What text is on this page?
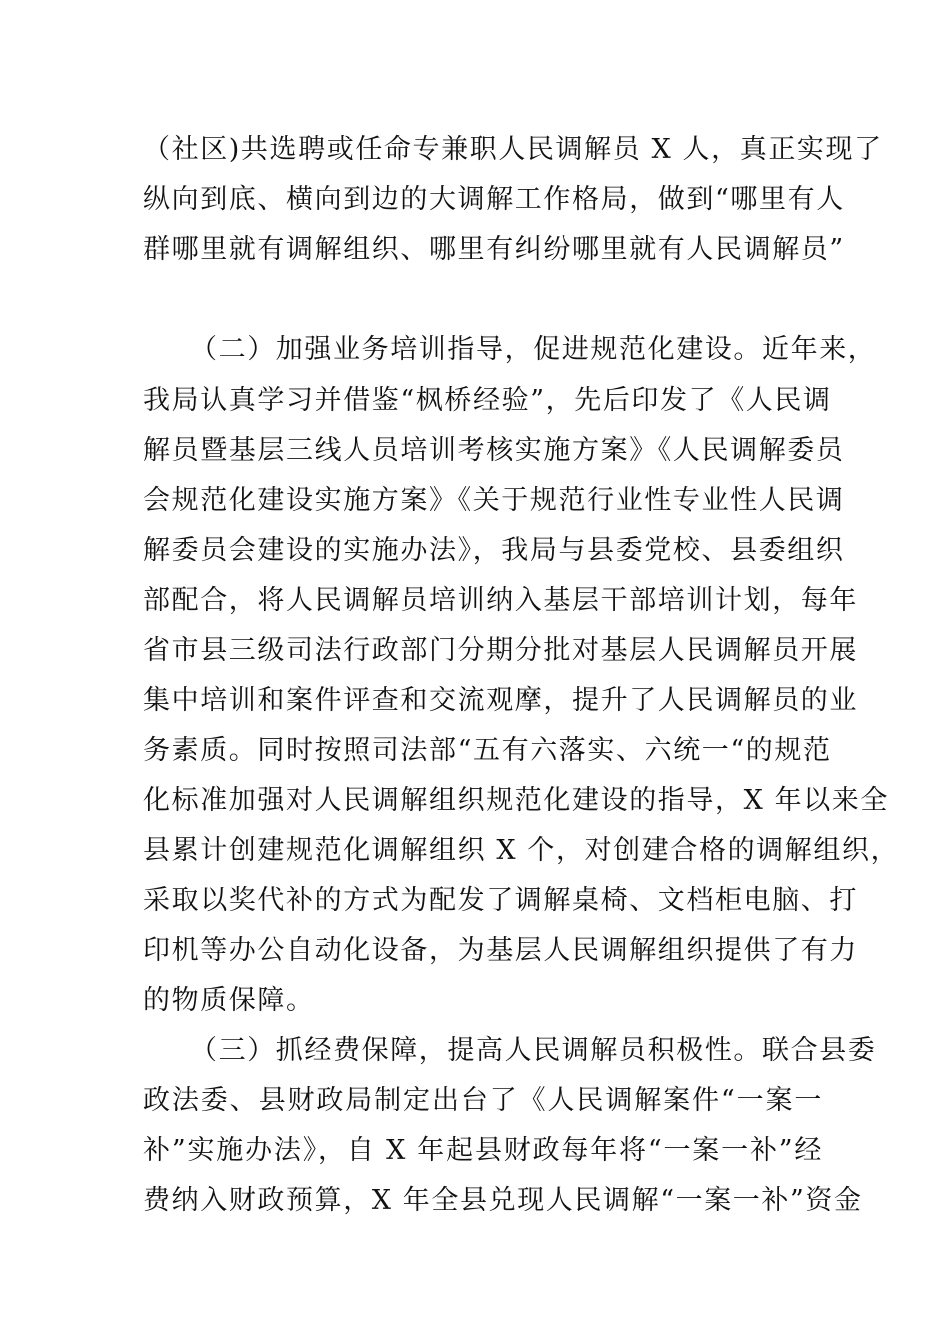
（社区)共选聘或任命专兼职人民调解员 X 人，真正实现了
纵向到底、横向到边的大调解工作格局，做到“哪里有人
群哪里就有调解组织、哪里有纠纷哪里就有人民调解员”
（二）加强业务培训指导，促进规范化建设。近年来，
我局认真学习并借鉴“枫桥经验”，先后印发了《人民调
解员暨基层三线人员培训考核实施方案》《人民调解委员
会规范化建设实施方案》《关于规范行业性专业性人民调
解委员会建设的实施办法》，我局与县委党校、县委组织
部配合，将人民调解员培训纳入基层干部培训计划，每年
省市县三级司法行政部门分期分批对基层人民调解员开展
集中培训和案件评查和交流观摩，提升了人民调解员的业
务素质。同时按照司法部“五有六落实、六统一“的规范
化标准加强对人民调解组织规范化建设的指导，X 年以来全
县累计创建规范化调解组织 X 个，对创建合格的调解组织，
采取以奖代补的方式为配发了调解桌椅、文档柜电脑、打
印机等办公自动化设备，为基层人民调解组织提供了有力
的物质保障。
（三）抓经费保障，提高人民调解员积极性。联合县委
政法委、县财政局制定出台了《人民调解案件“一案一
补”实施办法》，自 X 年起县财政每年将“一案一补”经
费纳入财政预算，X 年全县兑现人民调解“一案一补”资金
